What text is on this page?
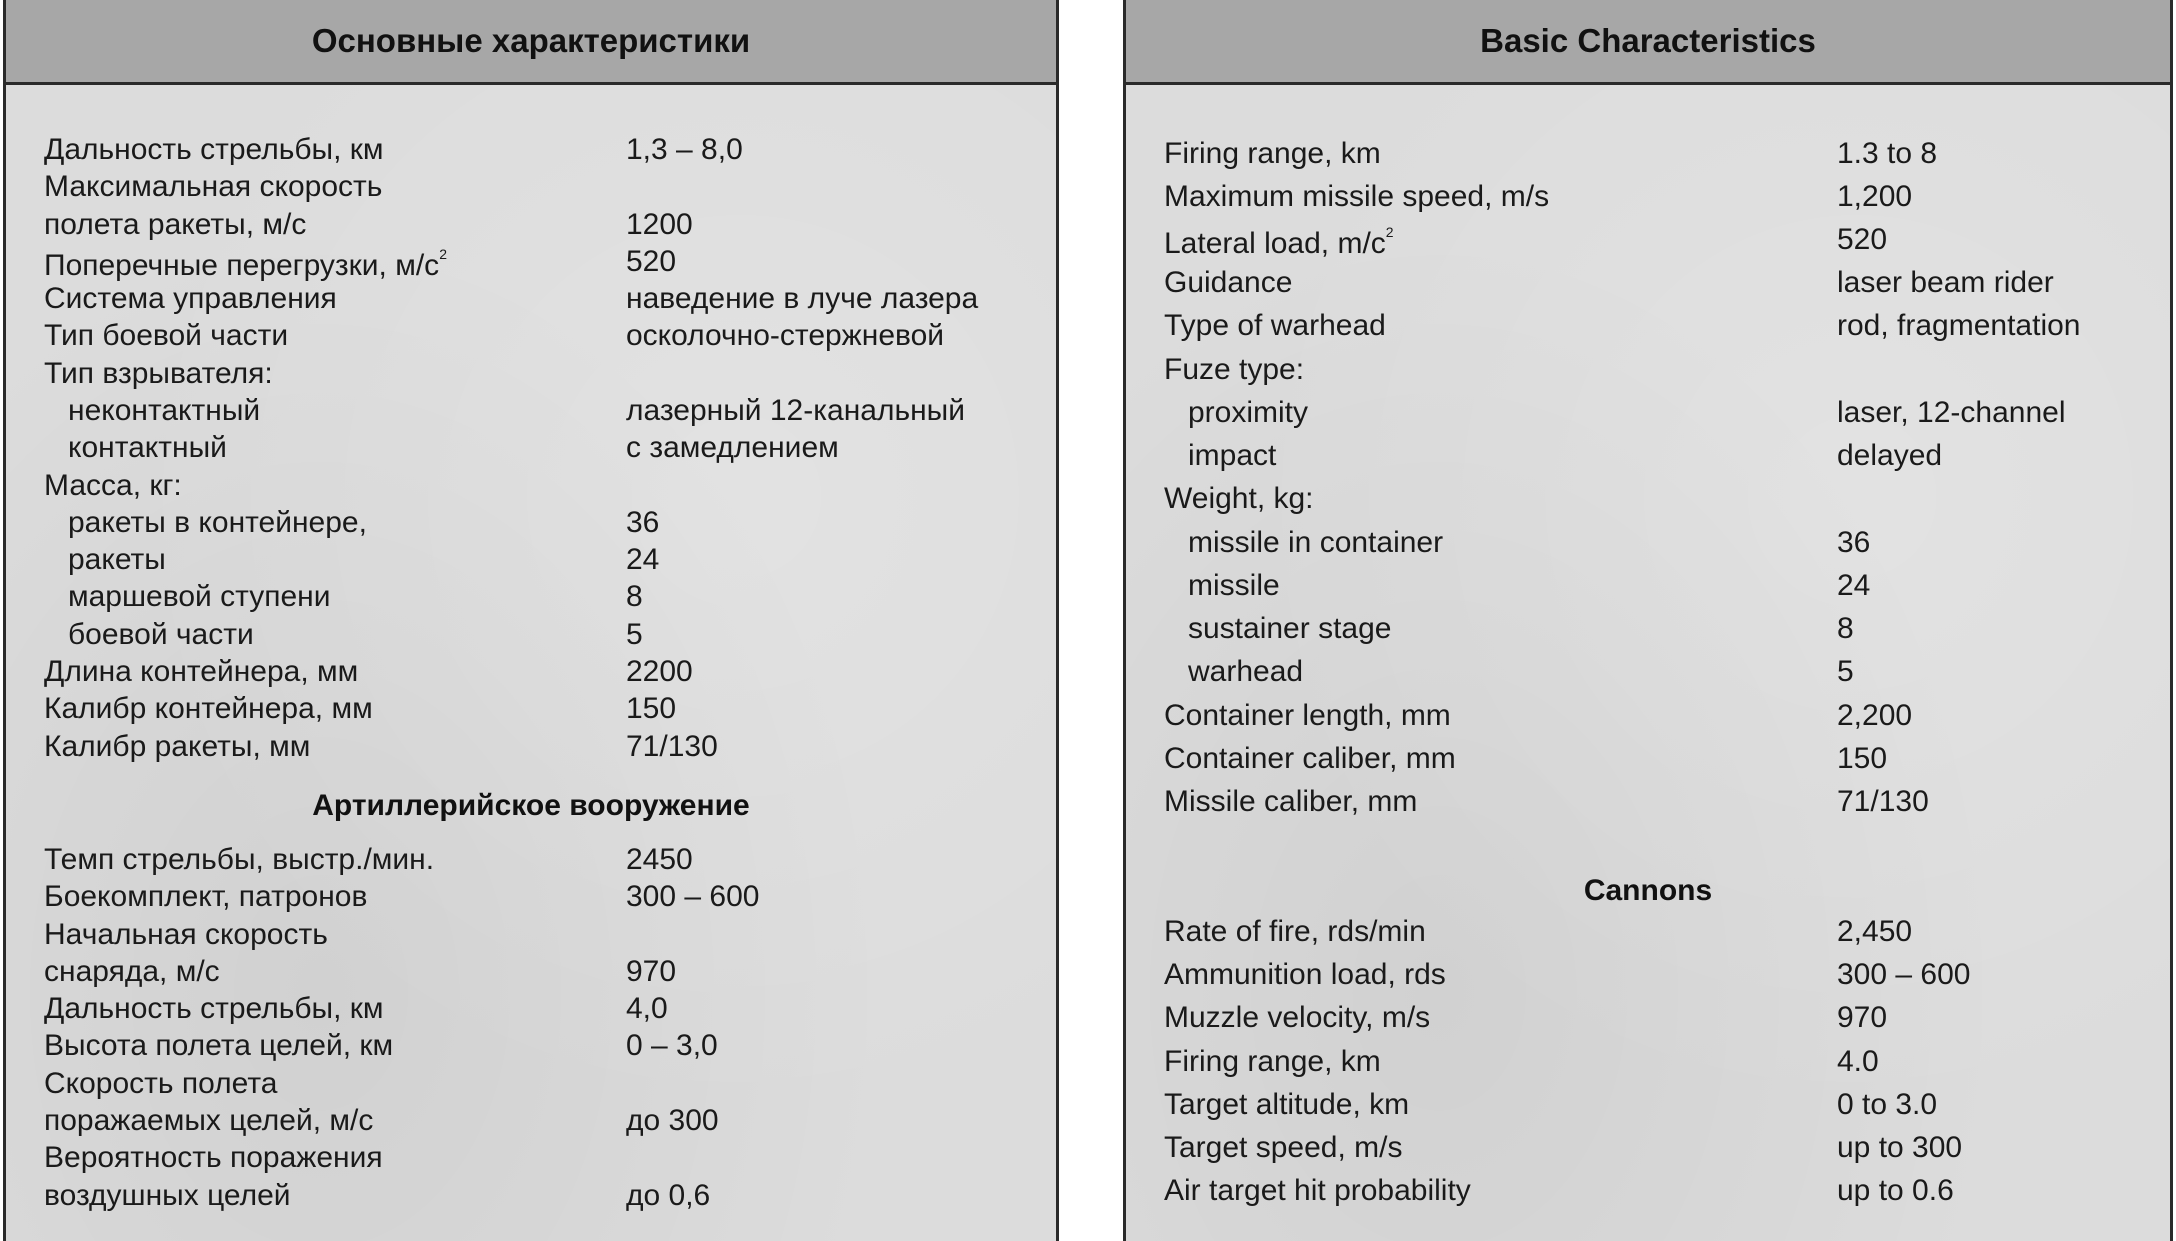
Основные характеристики
Дальность стрельбы, км	1,3 – 8,0
Максимальная скорость
полета ракеты, м/с	1200
Поперечные перегрузки, $м/с^2$	520
Система управления	наведение в луче лазера
Тип боевой части	осколочно-стержневой
Тип взрывателя:
неконтактный	лазерный 12-канальный
контактный	с замедлением
Масса, кг:
ракеты в контейнере,	36
ракеты	24
маршевой ступени	8
боевой части	5
Длина контейнера, мм	2200
Калибр контейнера, мм	150
Калибр ракеты, мм	71/130
Артиллерийское вооружение
Темп стрельбы, выстр./мин.	2450
Боекомплект, патронов	300 – 600
Начальная скорость
снаряда, м/с	970
Дальность стрельбы, км	4,0
Высота полета целей, км	0 – 3,0
Скорость полета
поражаемых целей, м/с	до 300
Вероятность поражения
воздушных целей	до 0,6
Basic Characteristics
Firing range, km	1.3 to 8
Maximum missile speed, m/s	1,200
Lateral load, $m/c^2$	520
Guidance	laser beam rider
Type of warhead	rod, fragmentation
Fuze type:
proximity	laser, 12-channel
impact	delayed
Weight, kg:
missile in container	36
missile	24
sustainer stage	8
warhead	5
Container length, mm	2,200
Container caliber, mm	150
Missile caliber, mm	71/130
Cannons
Rate of fire, rds/min	2,450
Ammunition load, rds	300 – 600
Muzzle velocity, m/s	970
Firing range, km	4.0
Target altitude, km	0 to 3.0
Target speed, m/s	up to 300
Air target hit probability	up to 0.6
